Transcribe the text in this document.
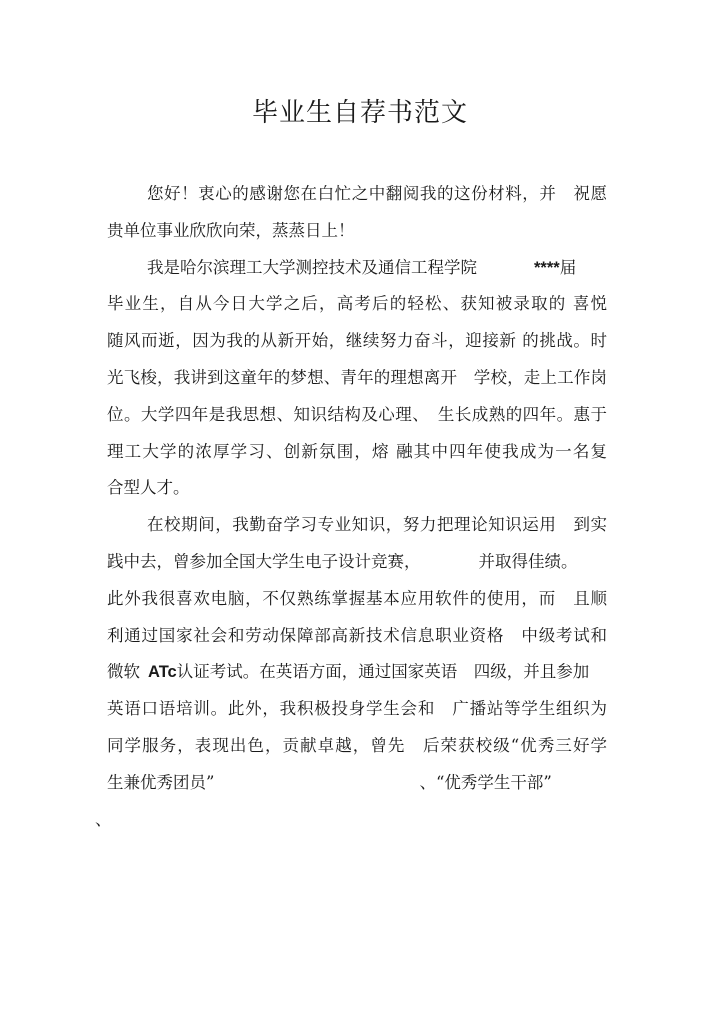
毕业生自荐书范文
您好！衷心的感谢您在白忙之中翻阅我的这份材料，并　祝愿
贵单位事业欣欣向荣，蒸蒸日上！
我是哈尔滨理工大学测控技术及通信工程学院	****届
毕业生，自从今日大学之后，高考后的轻松、获知被录取的 喜悦
随风而逝，因为我的从新开始，继续努力奋斗，迎接新 的挑战。时
光飞梭，我讲到这童年的梦想、青年的理想离开　学校，走上工作岗
位。大学四年是我思想、知识结构及心理、　生长成熟的四年。惠于
理工大学的浓厚学习、创新氛围，熔 融其中四年使我成为一名复
合型人才。
在校期间，我勤奋学习专业知识，努力把理论知识运用　到实
践中去，曾参加全国大学生电子设计竞赛，	并取得佳绩。
此外我很喜欢电脑，不仅熟练掌握基本应用软件的使用，而　且顺
利通过国家社会和劳动保障部高新技术信息职业资格　中级考试和
微软 ATc认证考试。在英语方面，通过国家英语　四级，并且参加
英语口语培训。此外，我积极投身学生会和　广播站等学生组织为
同学服务，表现出色，贡献卓越，曾先　后荣获校级“优秀三好学
生兼优秀团员”	、“优秀学生干部”
、
